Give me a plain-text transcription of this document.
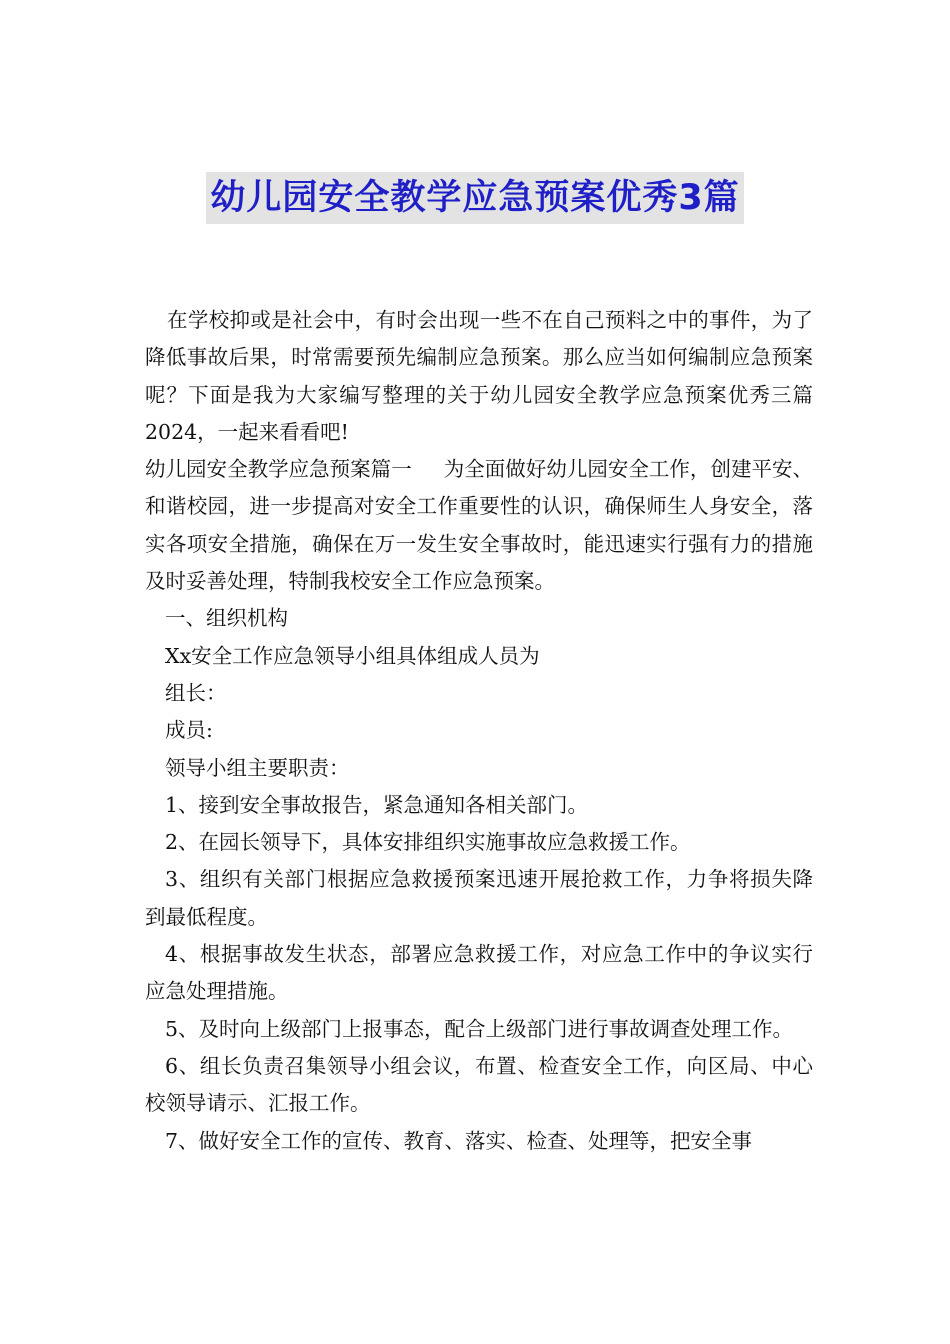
幼儿园安全教学应急预案优秀3篇

在学校抑或是社会中，有时会出现一些不在自己预料之中的事件，为了降低事故后果，时常需要预先编制应急预案。那么应当如何编制应急预案呢？下面是我为大家编写整理的关于幼儿园安全教学应急预案优秀三篇2024，一起来看看吧!

幼儿园安全教学应急预案篇一 为全面做好幼儿园安全工作，创建平安、和谐校园，进一步提高对安全工作重要性的认识，确保师生人身安全，落实各项安全措施，确保在万一发生安全事故时，能迅速实行强有力的措施及时妥善处理，特制我校安全工作应急预案。

一、组织机构

Xx安全工作应急领导小组具体组成人员为

组长：

成员:

领导小组主要职责：

1、接到安全事故报告，紧急通知各相关部门。

2、在园长领导下，具体安排组织实施事故应急救援工作。

3、组织有关部门根据应急救援预案迅速开展抢救工作，力争将损失降到最低程度。

4、根据事故发生状态，部署应急救援工作，对应急工作中的争议实行应急处理措施。

5、及时向上级部门上报事态，配合上级部门进行事故调查处理工作。

6、组长负责召集领导小组会议，布置、检查安全工作，向区局、中心校领导请示、汇报工作。

7、做好安全工作的宣传、教育、落实、检查、处理等，把安全事
